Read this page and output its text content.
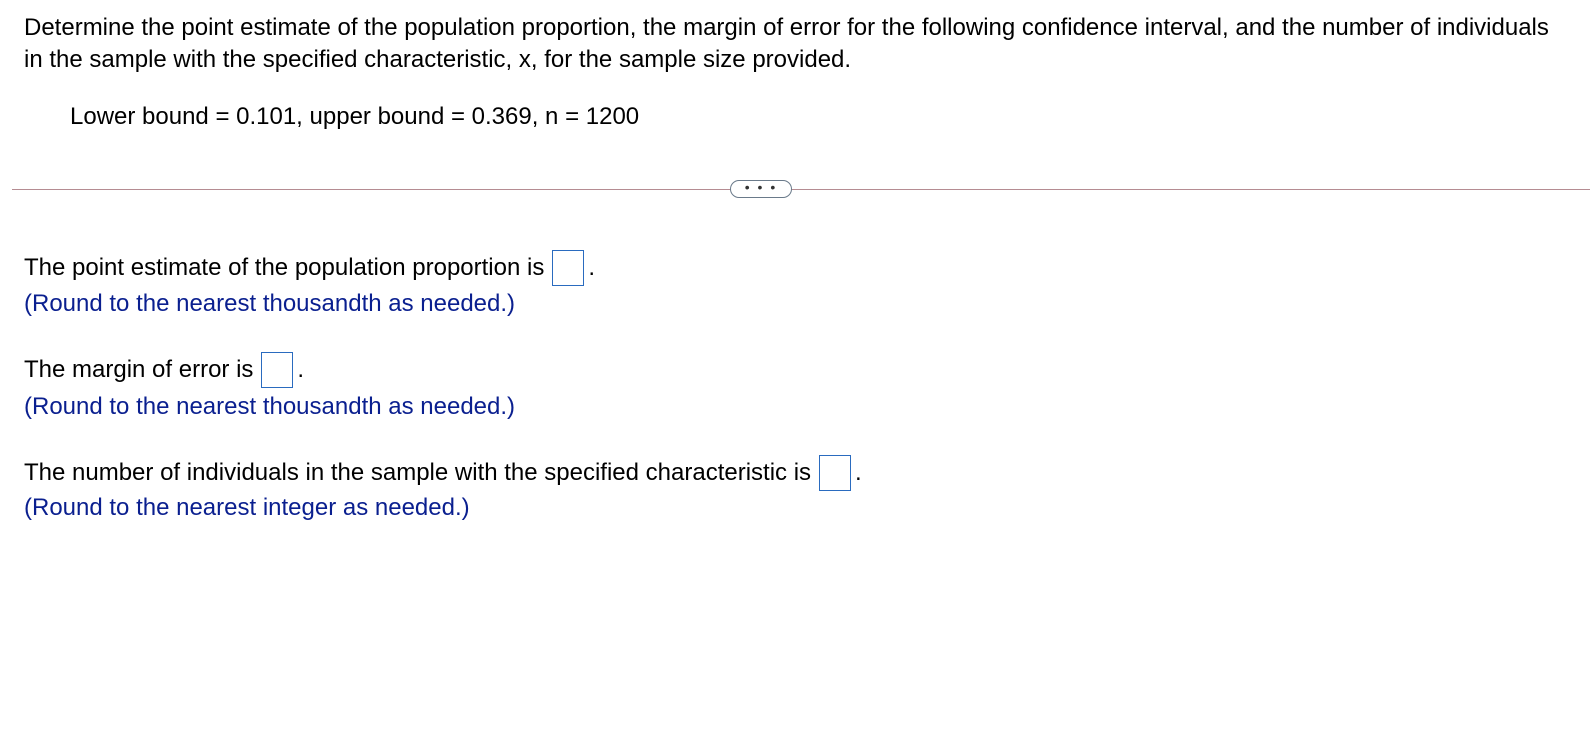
Determine the point estimate of the population proportion, the margin of error for the following confidence interval, and the number of individuals in the sample with the specified characteristic, x, for the sample size provided.

Lower bound = 0.101, upper bound = 0.369, n = 1200

• • •
The point estimate of the population proportion is .
(Round to the nearest thousandth as needed.)
The margin of error is .
(Round to the nearest thousandth as needed.)
The number of individuals in the sample with the specified characteristic is .
(Round to the nearest integer as needed.)
